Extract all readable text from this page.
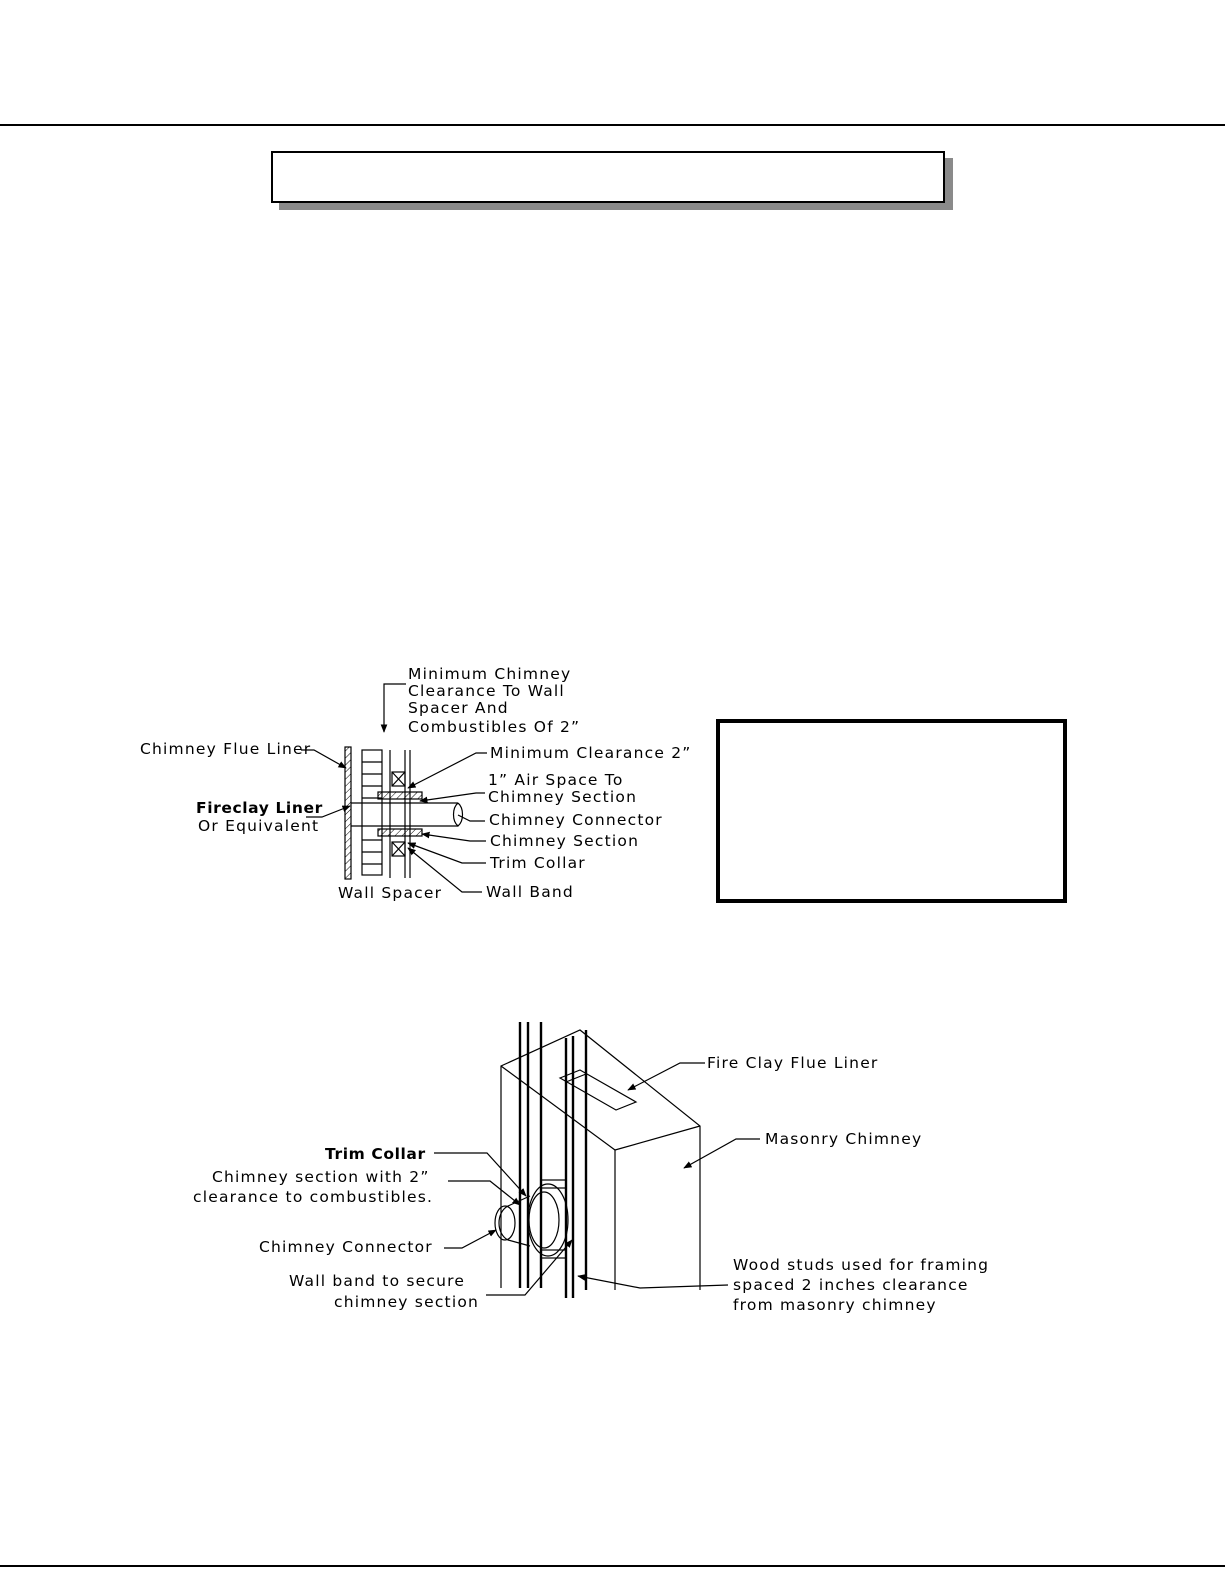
Minimum Chimney
Clearance To Wall
Spacer And
Combustibles Of 2”
Chimney Flue Liner	Minimum Clearance 2”
1” Air Space To
Chimney Section
Fireclay Liner
Or Equivalent	Chimney Connector
Chimney Section
Trim Collar
Wall Band
Wall Spacer
Fire Clay Flue Liner
Masonry Chimney
Trim Collar
Chimney section with 2”
clearance to combustibles.
Chimney Connector
Wall band to secure
chimney section
Wood studs used for framing
spaced 2 inches clearance
from masonry chimney
